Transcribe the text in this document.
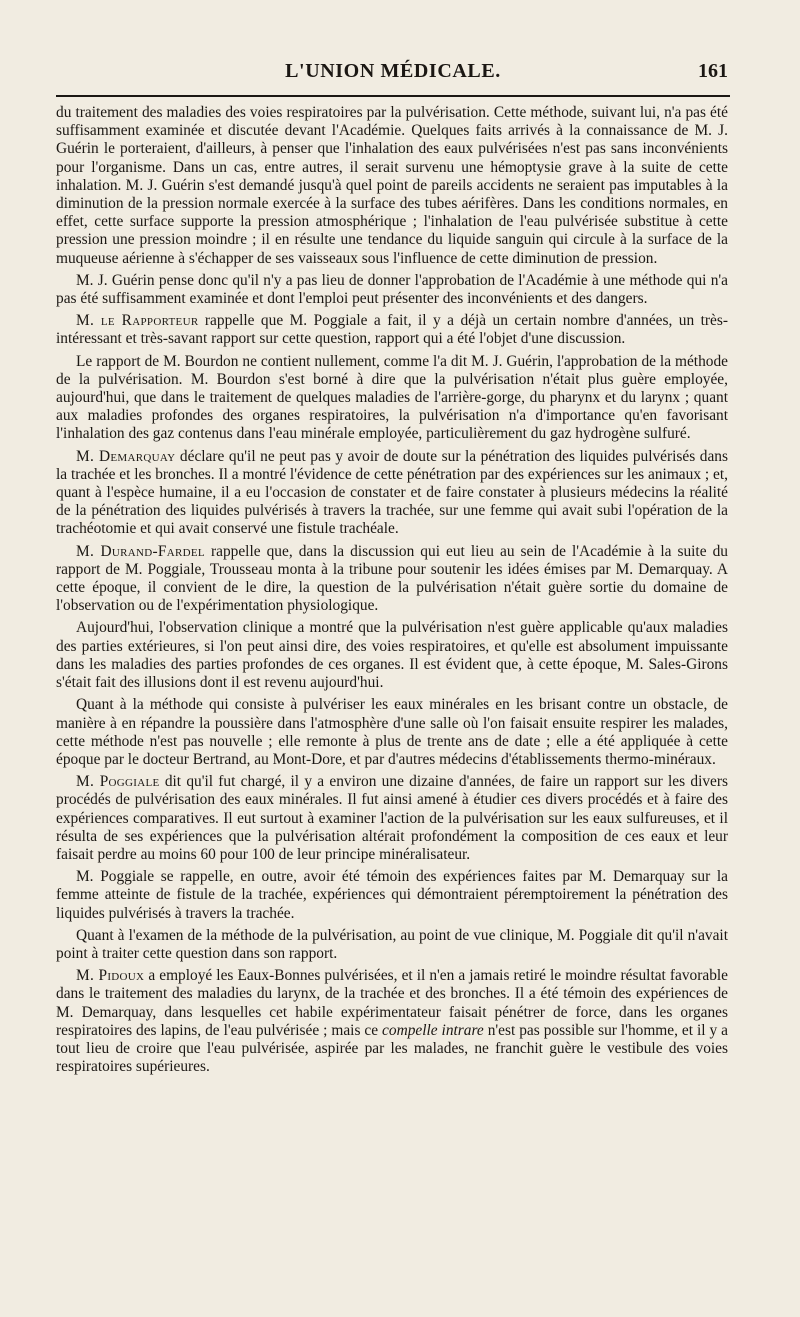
L'UNION MÉDICALE.	161

du traitement des maladies des voies respiratoires par la pulvérisation. Cette méthode, suivant lui, n'a pas été suffisamment examinée et discutée devant l'Académie. Quelques faits arrivés à la connaissance de M. J. Guérin le porteraient, d'ailleurs, à penser que l'inhalation des eaux pulvérisées n'est pas sans inconvénients pour l'organisme. Dans un cas, entre autres, il serait survenu une hémoptysie grave à la suite de cette inhalation. M. J. Guérin s'est demandé jusqu'à quel point de pareils accidents ne seraient pas imputables à la diminution de la pression normale exercée à la surface des tubes aérifères. Dans les conditions normales, en effet, cette surface supporte la pression atmosphérique ; l'inhalation de l'eau pulvérisée substitue à cette pression une pression moindre ; il en résulte une tendance du liquide sanguin qui circule à la surface de la muqueuse aérienne à s'échapper de ses vaisseaux sous l'influence de cette diminution de pression.

M. J. Guérin pense donc qu'il n'y a pas lieu de donner l'approbation de l'Académie à une méthode qui n'a pas été suffisamment examinée et dont l'emploi peut présenter des inconvénients et des dangers.

M. le Rapporteur rappelle que M. Poggiale a fait, il y a déjà un certain nombre d'années, un très-intéressant et très-savant rapport sur cette question, rapport qui a été l'objet d'une discussion.

Le rapport de M. Bourdon ne contient nullement, comme l'a dit M. J. Guérin, l'approbation de la méthode de la pulvérisation. M. Bourdon s'est borné à dire que la pulvérisation n'était plus guère employée, aujourd'hui, que dans le traitement de quelques maladies de l'arrière-gorge, du pharynx et du larynx ; quant aux maladies profondes des organes respiratoires, la pulvérisation n'a d'importance qu'en favorisant l'inhalation des gaz contenus dans l'eau minérale employée, particulièrement du gaz hydrogène sulfuré.

M. Demarquay déclare qu'il ne peut pas y avoir de doute sur la pénétration des liquides pulvérisés dans la trachée et les bronches. Il a montré l'évidence de cette pénétration par des expériences sur les animaux ; et, quant à l'espèce humaine, il a eu l'occasion de constater et de faire constater à plusieurs médecins la réalité de la pénétration des liquides pulvérisés à travers la trachée, sur une femme qui avait subi l'opération de la trachéotomie et qui avait conservé une fistule trachéale.

M. Durand-Fardel rappelle que, dans la discussion qui eut lieu au sein de l'Académie à la suite du rapport de M. Poggiale, Trousseau monta à la tribune pour soutenir les idées émises par M. Demarquay. A cette époque, il convient de le dire, la question de la pulvérisation n'était guère sortie du domaine de l'observation ou de l'expérimentation physiologique.

Aujourd'hui, l'observation clinique a montré que la pulvérisation n'est guère applicable qu'aux maladies des parties extérieures, si l'on peut ainsi dire, des voies respiratoires, et qu'elle est absolument impuissante dans les maladies des parties profondes de ces organes. Il est évident que, à cette époque, M. Sales-Girons s'était fait des illusions dont il est revenu aujourd'hui.

Quant à la méthode qui consiste à pulvériser les eaux minérales en les brisant contre un obstacle, de manière à en répandre la poussière dans l'atmosphère d'une salle où l'on faisait ensuite respirer les malades, cette méthode n'est pas nouvelle ; elle remonte à plus de trente ans de date ; elle a été appliquée à cette époque par le docteur Bertrand, au Mont-Dore, et par d'autres médecins d'établissements thermo-minéraux.

M. Poggiale dit qu'il fut chargé, il y a environ une dizaine d'années, de faire un rapport sur les divers procédés de pulvérisation des eaux minérales. Il fut ainsi amené à étudier ces divers procédés et à faire des expériences comparatives. Il eut surtout à examiner l'action de la pulvérisation sur les eaux sulfureuses, et il résulta de ses expériences que la pulvérisation altérait profondément la composition de ces eaux et leur faisait perdre au moins 60 pour 100 de leur principe minéralisateur.

M. Poggiale se rappelle, en outre, avoir été témoin des expériences faites par M. Demarquay sur la femme atteinte de fistule de la trachée, expériences qui démontraient péremptoirement la pénétration des liquides pulvérisés à travers la trachée.

Quant à l'examen de la méthode de la pulvérisation, au point de vue clinique, M. Poggiale dit qu'il n'avait point à traiter cette question dans son rapport.

M. Pidoux a employé les Eaux-Bonnes pulvérisées, et il n'en a jamais retiré le moindre résultat favorable dans le traitement des maladies du larynx, de la trachée et des bronches. Il a été témoin des expériences de M. Demarquay, dans lesquelles cet habile expérimentateur faisait pénétrer de force, dans les organes respiratoires des lapins, de l'eau pulvérisée ; mais ce compelle intrare n'est pas possible sur l'homme, et il y a tout lieu de croire que l'eau pulvérisée, aspirée par les malades, ne franchit guère le vestibule des voies respiratoires supérieures.
